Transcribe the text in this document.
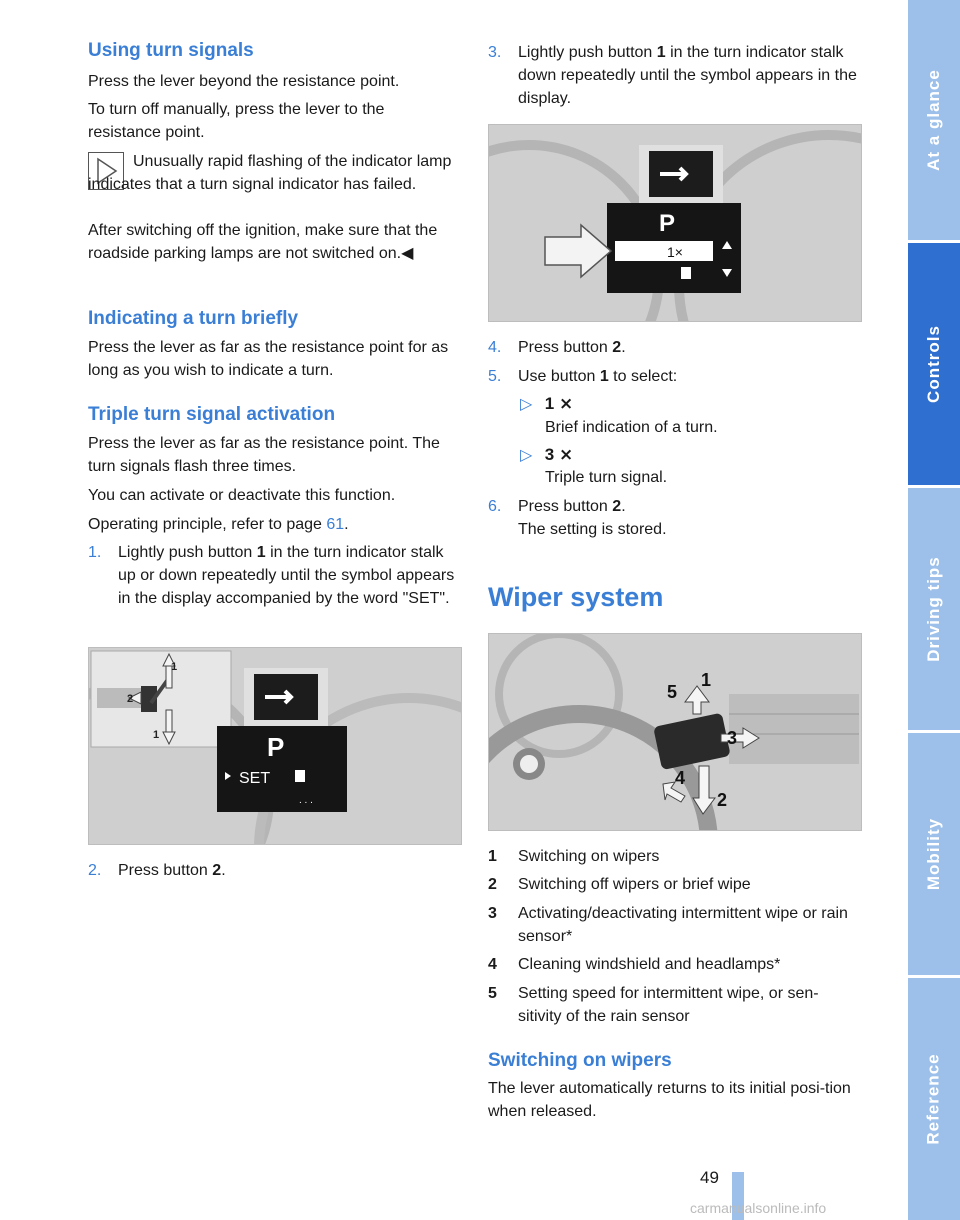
At a glance
Controls
Driving tips
Mobility
Reference
Using turn signals

Press the lever beyond the resistance point.

To turn off manually, press the lever to the resistance point.

Unusually rapid flashing of the indicator lamp indicates that a turn signal indicator has failed.

After switching off the ignition, make sure that the roadside parking lamps are not switched on.◀

Indicating a turn briefly

Press the lever as far as the resistance point for as long as you wish to indicate a turn.

Triple turn signal activation

Press the lever as far as the resistance point. The turn signals flash three times.

You can activate or deactivate this function.

Operating principle, refer to page 61.

1. Lightly push button 1 in the turn indicator stalk up or down repeatedly until the symbol appears in the display accompanied by the word "SET".
1
2
1	P
SET
. . .
2. Press button 2.
3. Lightly push button 1 in the turn indicator stalk down repeatedly until the symbol appears in the display.
P
1×
4. Press button 2.
5. Use button 1 to select:
▷ 1 ⨯

Brief indication of a turn.

▷ 3 ⨯

Triple turn signal.

6. Press button 2.
The setting is stored.
Wiper system
1
2
3
4
5
1 Switching on wipers
2 Switching off wipers or brief wipe
3 Activating/deactivating intermittent wipe or rain sensor*
4 Cleaning windshield and headlamps*
5 Setting speed for intermittent wipe, or sen-sitivity of the rain sensor
Switching on wipers

The lever automatically returns to its initial posi-tion when released.

49
carmanualsonline.info
